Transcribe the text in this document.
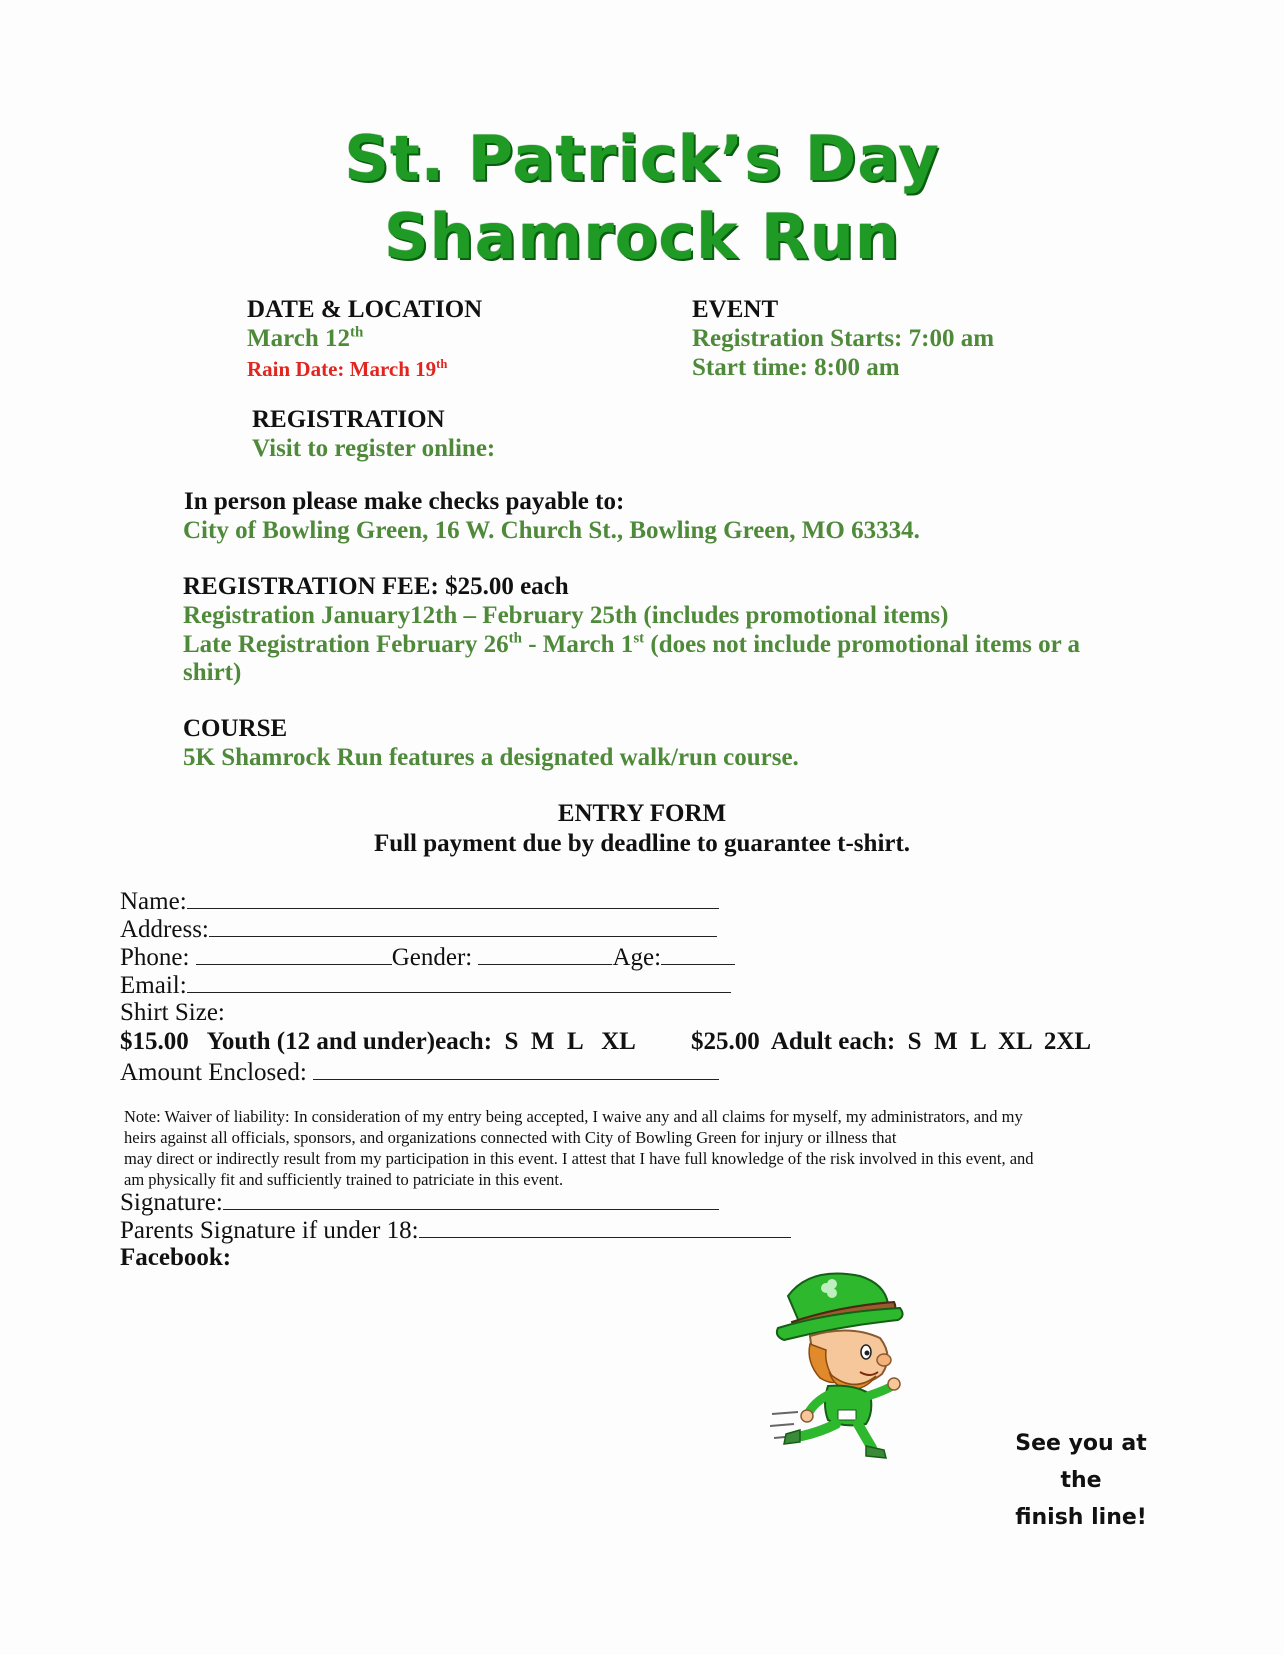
St. Patrick’s Day
Shamrock Run
DATE & LOCATION
March 12th
Rain Date: March 19th
EVENT
Registration Starts: 7:00 am
Start time: 8:00 am
REGISTRATION
Visit to register online:
In person please make checks payable to:
City of Bowling Green, 16 W. Church St., Bowling Green, MO 63334.
REGISTRATION FEE: $25.00 each
Registration January12th – February 25th (includes promotional items)
Late Registration February 26th - March 1st (does not include promotional items or a
shirt)
COURSE
5K Shamrock Run features a designated walk/run course.
ENTRY FORM
Full payment due by deadline to guarantee t-shirt.
Name:
Address:
Phone:	Gender:	Age:
Email:
Shirt Size:
$15.00   Youth (12 and under)each:  S  M  L   XL $25.00  Adult each:  S  M  L  XL  2XL
Amount Enclosed:
Note: Waiver of liability: In consideration of my entry being accepted, I waive any and all claims for myself, my administrators, and my
heirs against all officials, sponsors, and organizations connected with City of Bowling Green for injury or illness that
may direct or indirectly result from my participation in this event. I attest that I have full knowledge of the risk involved in this event, and
am physically fit and sufficiently trained to patriciate in this event.
Signature:
Parents Signature if under 18:
Facebook:
See you at the
finish line!
